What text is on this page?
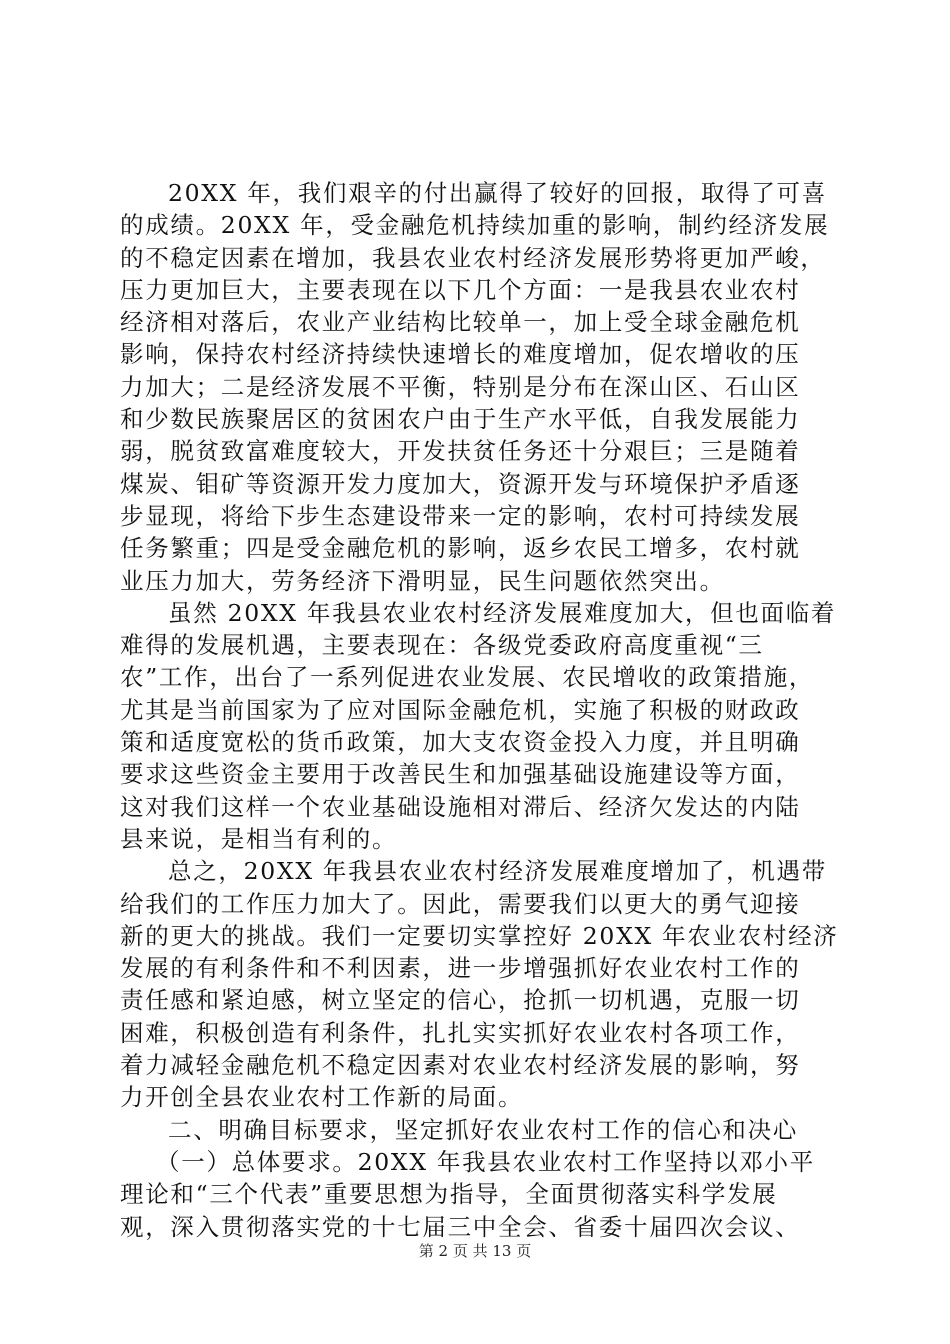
20XX 年，我们艰辛的付出赢得了较好的回报，取得了可喜
的成绩。20XX 年，受金融危机持续加重的影响，制约经济发展
的不稳定因素在增加，我县农业农村经济发展形势将更加严峻，
压力更加巨大，主要表现在以下几个方面：一是我县农业农村
经济相对落后，农业产业结构比较单一，加上受全球金融危机
影响，保持农村经济持续快速增长的难度增加，促农增收的压
力加大；二是经济发展不平衡，特别是分布在深山区、石山区
和少数民族聚居区的贫困农户由于生产水平低，自我发展能力
弱，脱贫致富难度较大，开发扶贫任务还十分艰巨；三是随着
煤炭、钼矿等资源开发力度加大，资源开发与环境保护矛盾逐
步显现，将给下步生态建设带来一定的影响，农村可持续发展
任务繁重；四是受金融危机的影响，返乡农民工增多，农村就
业压力加大，劳务经济下滑明显，民生问题依然突出。
虽然 20XX 年我县农业农村经济发展难度加大，但也面临着
难得的发展机遇，主要表现在：各级党委政府高度重视“三
农”工作，出台了一系列促进农业发展、农民增收的政策措施，
尤其是当前国家为了应对国际金融危机，实施了积极的财政政
策和适度宽松的货币政策，加大支农资金投入力度，并且明确
要求这些资金主要用于改善民生和加强基础设施建设等方面，
这对我们这样一个农业基础设施相对滞后、经济欠发达的内陆
县来说，是相当有利的。
总之，20XX 年我县农业农村经济发展难度增加了，机遇带
给我们的工作压力加大了。因此，需要我们以更大的勇气迎接
新的更大的挑战。我们一定要切实掌控好 20XX 年农业农村经济
发展的有利条件和不利因素，进一步增强抓好农业农村工作的
责任感和紧迫感，树立坚定的信心，抢抓一切机遇，克服一切
困难，积极创造有利条件，扎扎实实抓好农业农村各项工作，
着力减轻金融危机不稳定因素对农业农村经济发展的影响，努
力开创全县农业农村工作新的局面。
二、明确目标要求，坚定抓好农业农村工作的信心和决心
（一）总体要求。20XX 年我县农业农村工作坚持以邓小平
理论和“三个代表”重要思想为指导，全面贯彻落实科学发展
观，深入贯彻落实党的十七届三中全会、省委十届四次会议、
第 2 页 共 13 页
